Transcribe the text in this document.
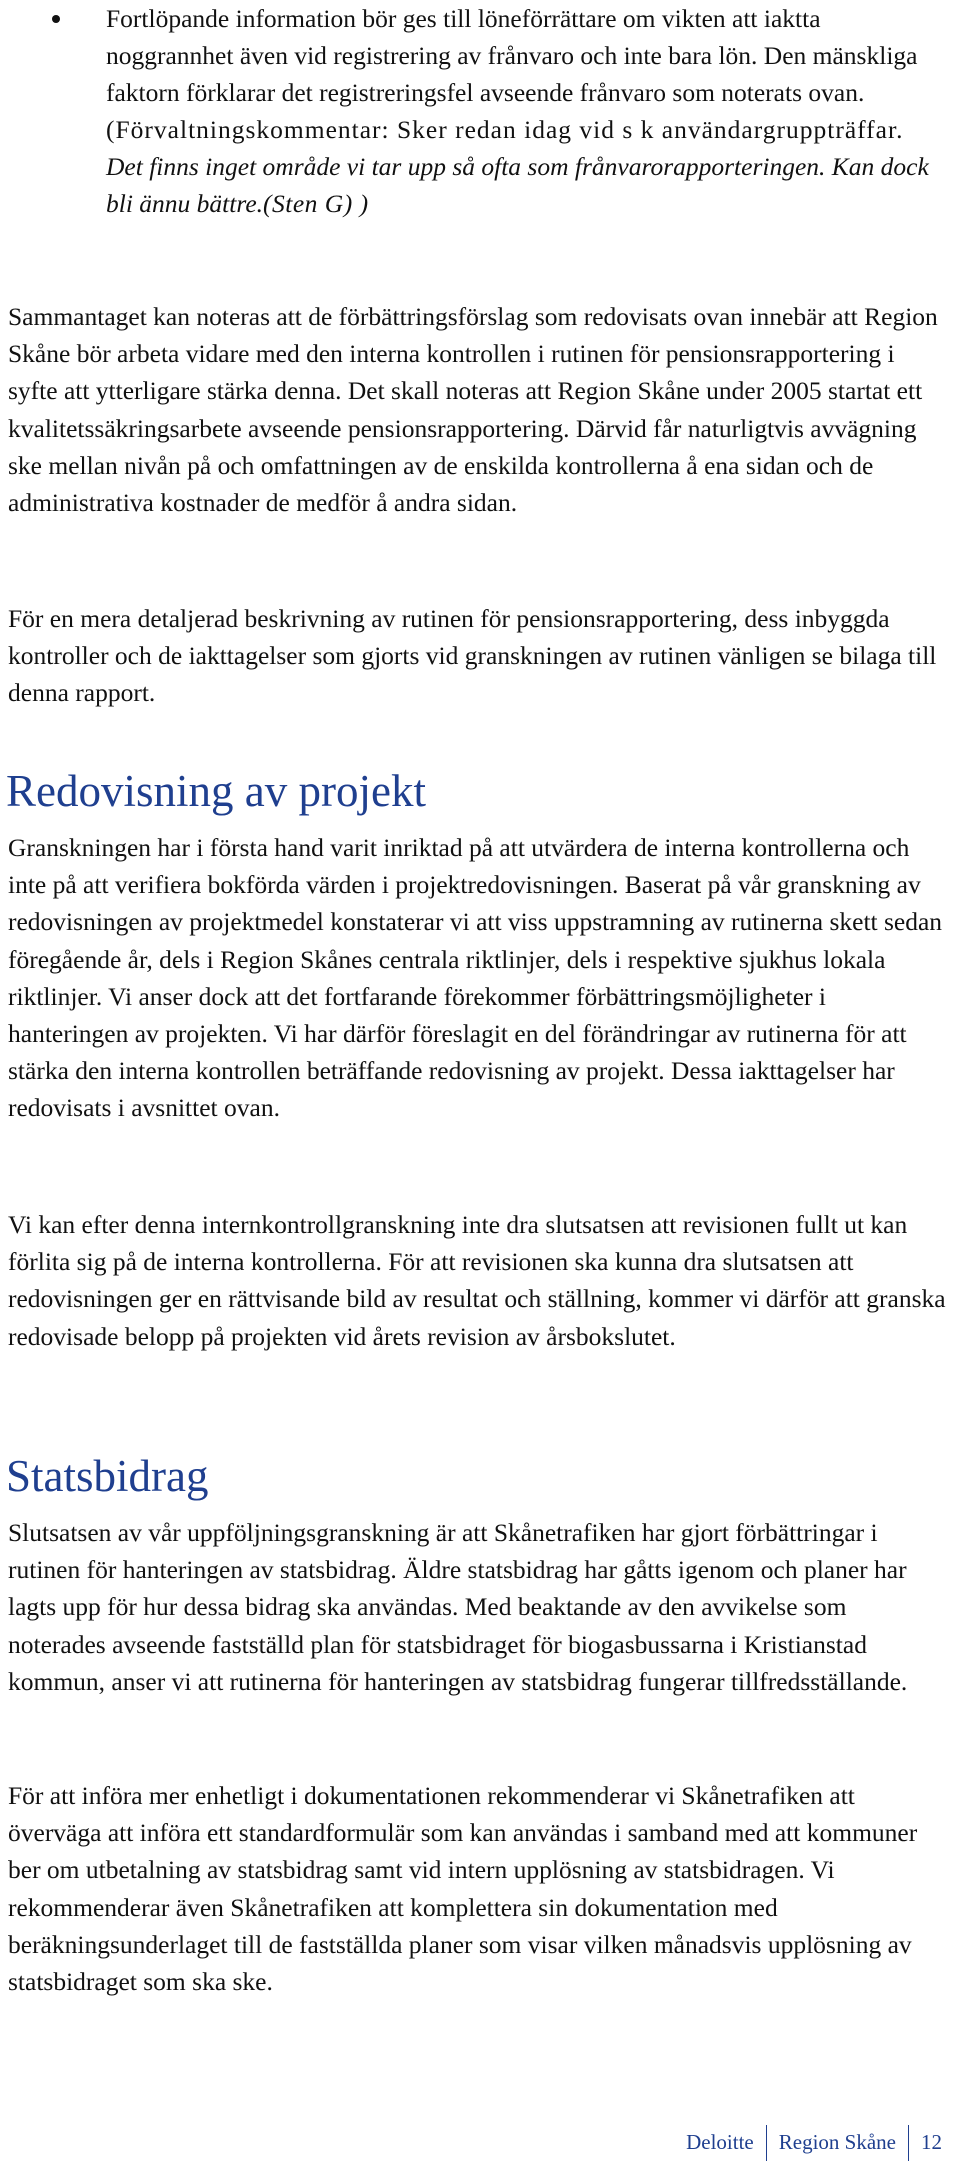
Fortlöpande information bör ges till löneförrättare om vikten att iaktta noggrannhet även vid registrering av frånvaro och inte bara lön. Den mänskliga faktorn förklarar det registreringsfel avseende frånvaro som noterats ovan. (Förvaltningskommentar: Sker redan idag vid s k användargruppträffar. Det finns inget område vi tar upp så ofta som frånvarorapporteringen. Kan dock bli ännu bättre.(Sten G) )

Sammantaget kan noteras att de förbättringsförslag som redovisats ovan innebär att Region Skåne bör arbeta vidare med den interna kontrollen i rutinen för pensionsrapportering i syfte att ytterligare stärka denna. Det skall noteras att Region Skåne under 2005 startat ett kvalitetssäkringsarbete avseende pensionsrapportering. Därvid får naturligtvis avvägning ske mellan nivån på och omfattningen av de enskilda kontrollerna å ena sidan och de administrativa kostnader de medför å andra sidan.

För en mera detaljerad beskrivning av rutinen för pensionsrapportering, dess inbyggda kontroller och de iakttagelser som gjorts vid granskningen av rutinen vänligen se bilaga till denna rapport.

Redovisning av projekt

Granskningen har i första hand varit inriktad på att utvärdera de interna kontrollerna och inte på att verifiera bokförda värden i projektredovisningen. Baserat på vår granskning av redovisningen av projektmedel konstaterar vi att viss uppstramning av rutinerna skett sedan föregående år, dels i Region Skånes centrala riktlinjer, dels i respektive sjukhus lokala riktlinjer. Vi anser dock att det fortfarande förekommer förbättringsmöjligheter i hanteringen av projekten. Vi har därför föreslagit en del förändringar av rutinerna för att stärka den interna kontrollen beträffande redovisning av projekt. Dessa iakttagelser har redovisats i avsnittet ovan.

Vi kan efter denna internkontrollgranskning inte dra slutsatsen att revisionen fullt ut kan förlita sig på de interna kontrollerna. För att revisionen ska kunna dra slutsatsen att redovisningen ger en rättvisande bild av resultat och ställning, kommer vi därför att granska redovisade belopp på projekten vid årets revision av årsbokslutet.

Statsbidrag

Slutsatsen av vår uppföljningsgranskning är att Skånetrafiken har gjort förbättringar i rutinen för hanteringen av statsbidrag. Äldre statsbidrag har gåtts igenom och planer har lagts upp för hur dessa bidrag ska användas. Med beaktande av den avvikelse som noterades avseende fastställd plan för statsbidraget för biogasbussarna i Kristianstad kommun, anser vi att rutinerna för hanteringen av statsbidrag fungerar tillfredsställande.

För att införa mer enhetligt i dokumentationen rekommenderar vi Skånetrafiken att överväga att införa ett standardformulär som kan användas i samband med att kommuner ber om utbetalning av statsbidrag samt vid intern upplösning av statsbidragen. Vi rekommenderar även Skånetrafiken att komplettera sin dokumentation med beräkningsunderlaget till de fastställda planer som visar vilken månadsvis upplösning av statsbidraget som ska ske.

Deloitte Region Skåne 12
